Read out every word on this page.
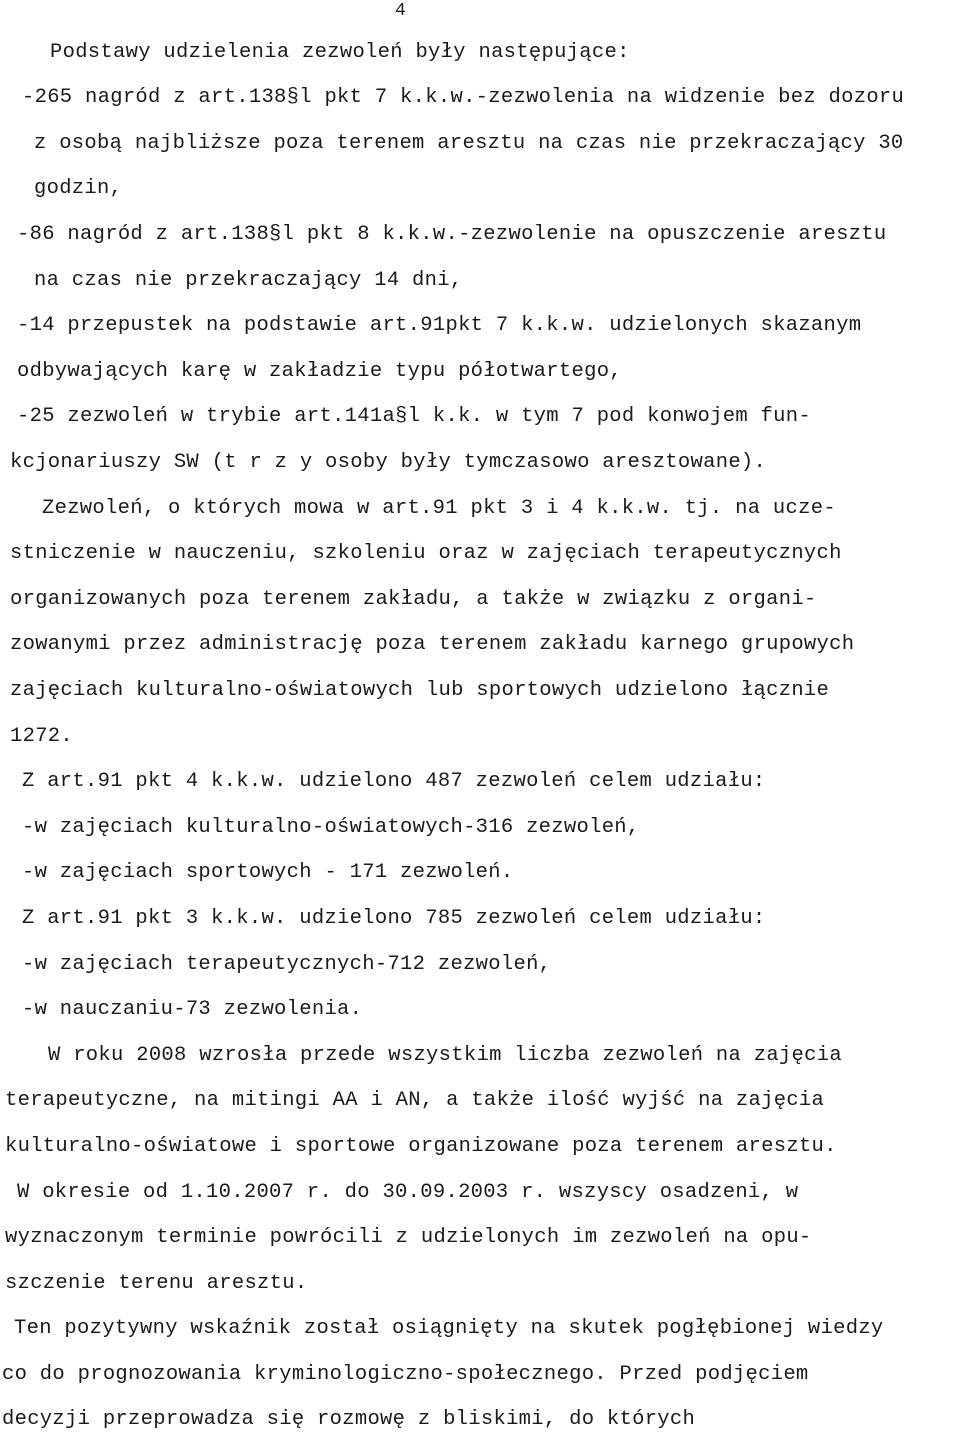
4
Podstawy udzielenia zezwoleń były następujące:
-265 nagród z art.138§l pkt 7 k.k.w.-zezwolenia na widzenie bez dozoru
z osobą najbliższe poza terenem aresztu na czas nie przekraczający 30
godzin,
-86 nagród z art.138§l pkt 8 k.k.w.-zezwolenie na opuszczenie aresztu
na czas nie przekraczający 14 dni,
-14 przepustek na podstawie art.91pkt 7 k.k.w. udzielonych skazanym
odbywających karę w zakładzie typu półotwartego,
-25 zezwoleń w trybie art.141a§l k.k. w tym 7 pod konwojem fun-
kcjonariuszy SW (t r z y osoby były tymczasowo aresztowane).
Zezwoleń, o których mowa w art.91 pkt 3 i 4 k.k.w. tj. na ucze-
stniczenie w nauczeniu, szkoleniu oraz w zajęciach terapeutycznych
organizowanych poza terenem zakładu, a także w związku z organi-
zowanymi przez administrację poza terenem zakładu karnego grupowych
zajęciach kulturalno-oświatowych lub sportowych udzielono łącznie
1272.
Z art.91 pkt 4 k.k.w. udzielono 487 zezwoleń celem udziału:
-w zajęciach kulturalno-oświatowych-316 zezwoleń,
-w zajęciach sportowych - 171 zezwoleń.
Z art.91 pkt 3 k.k.w. udzielono 785 zezwoleń celem udziału:
-w zajęciach terapeutycznych-712 zezwoleń,
-w nauczaniu-73 zezwolenia.
W roku 2008 wzrosła przede wszystkim liczba zezwoleń na zajęcia
terapeutyczne, na mitingi AA i AN, a także ilość wyjść na zajęcia
kulturalno-oświatowe i sportowe organizowane poza terenem aresztu.
W okresie od 1.10.2007 r. do 30.09.2003 r. wszyscy osadzeni, w
wyznaczonym terminie powrócili z udzielonych im zezwoleń na opu-
szczenie terenu aresztu.
Ten pozytywny wskaźnik został osiągnięty na skutek pogłębionej wiedzy
co do prognozowania kryminologiczno-społecznego. Przed podjęciem
decyzji przeprowadza się rozmowę z bliskimi, do których
